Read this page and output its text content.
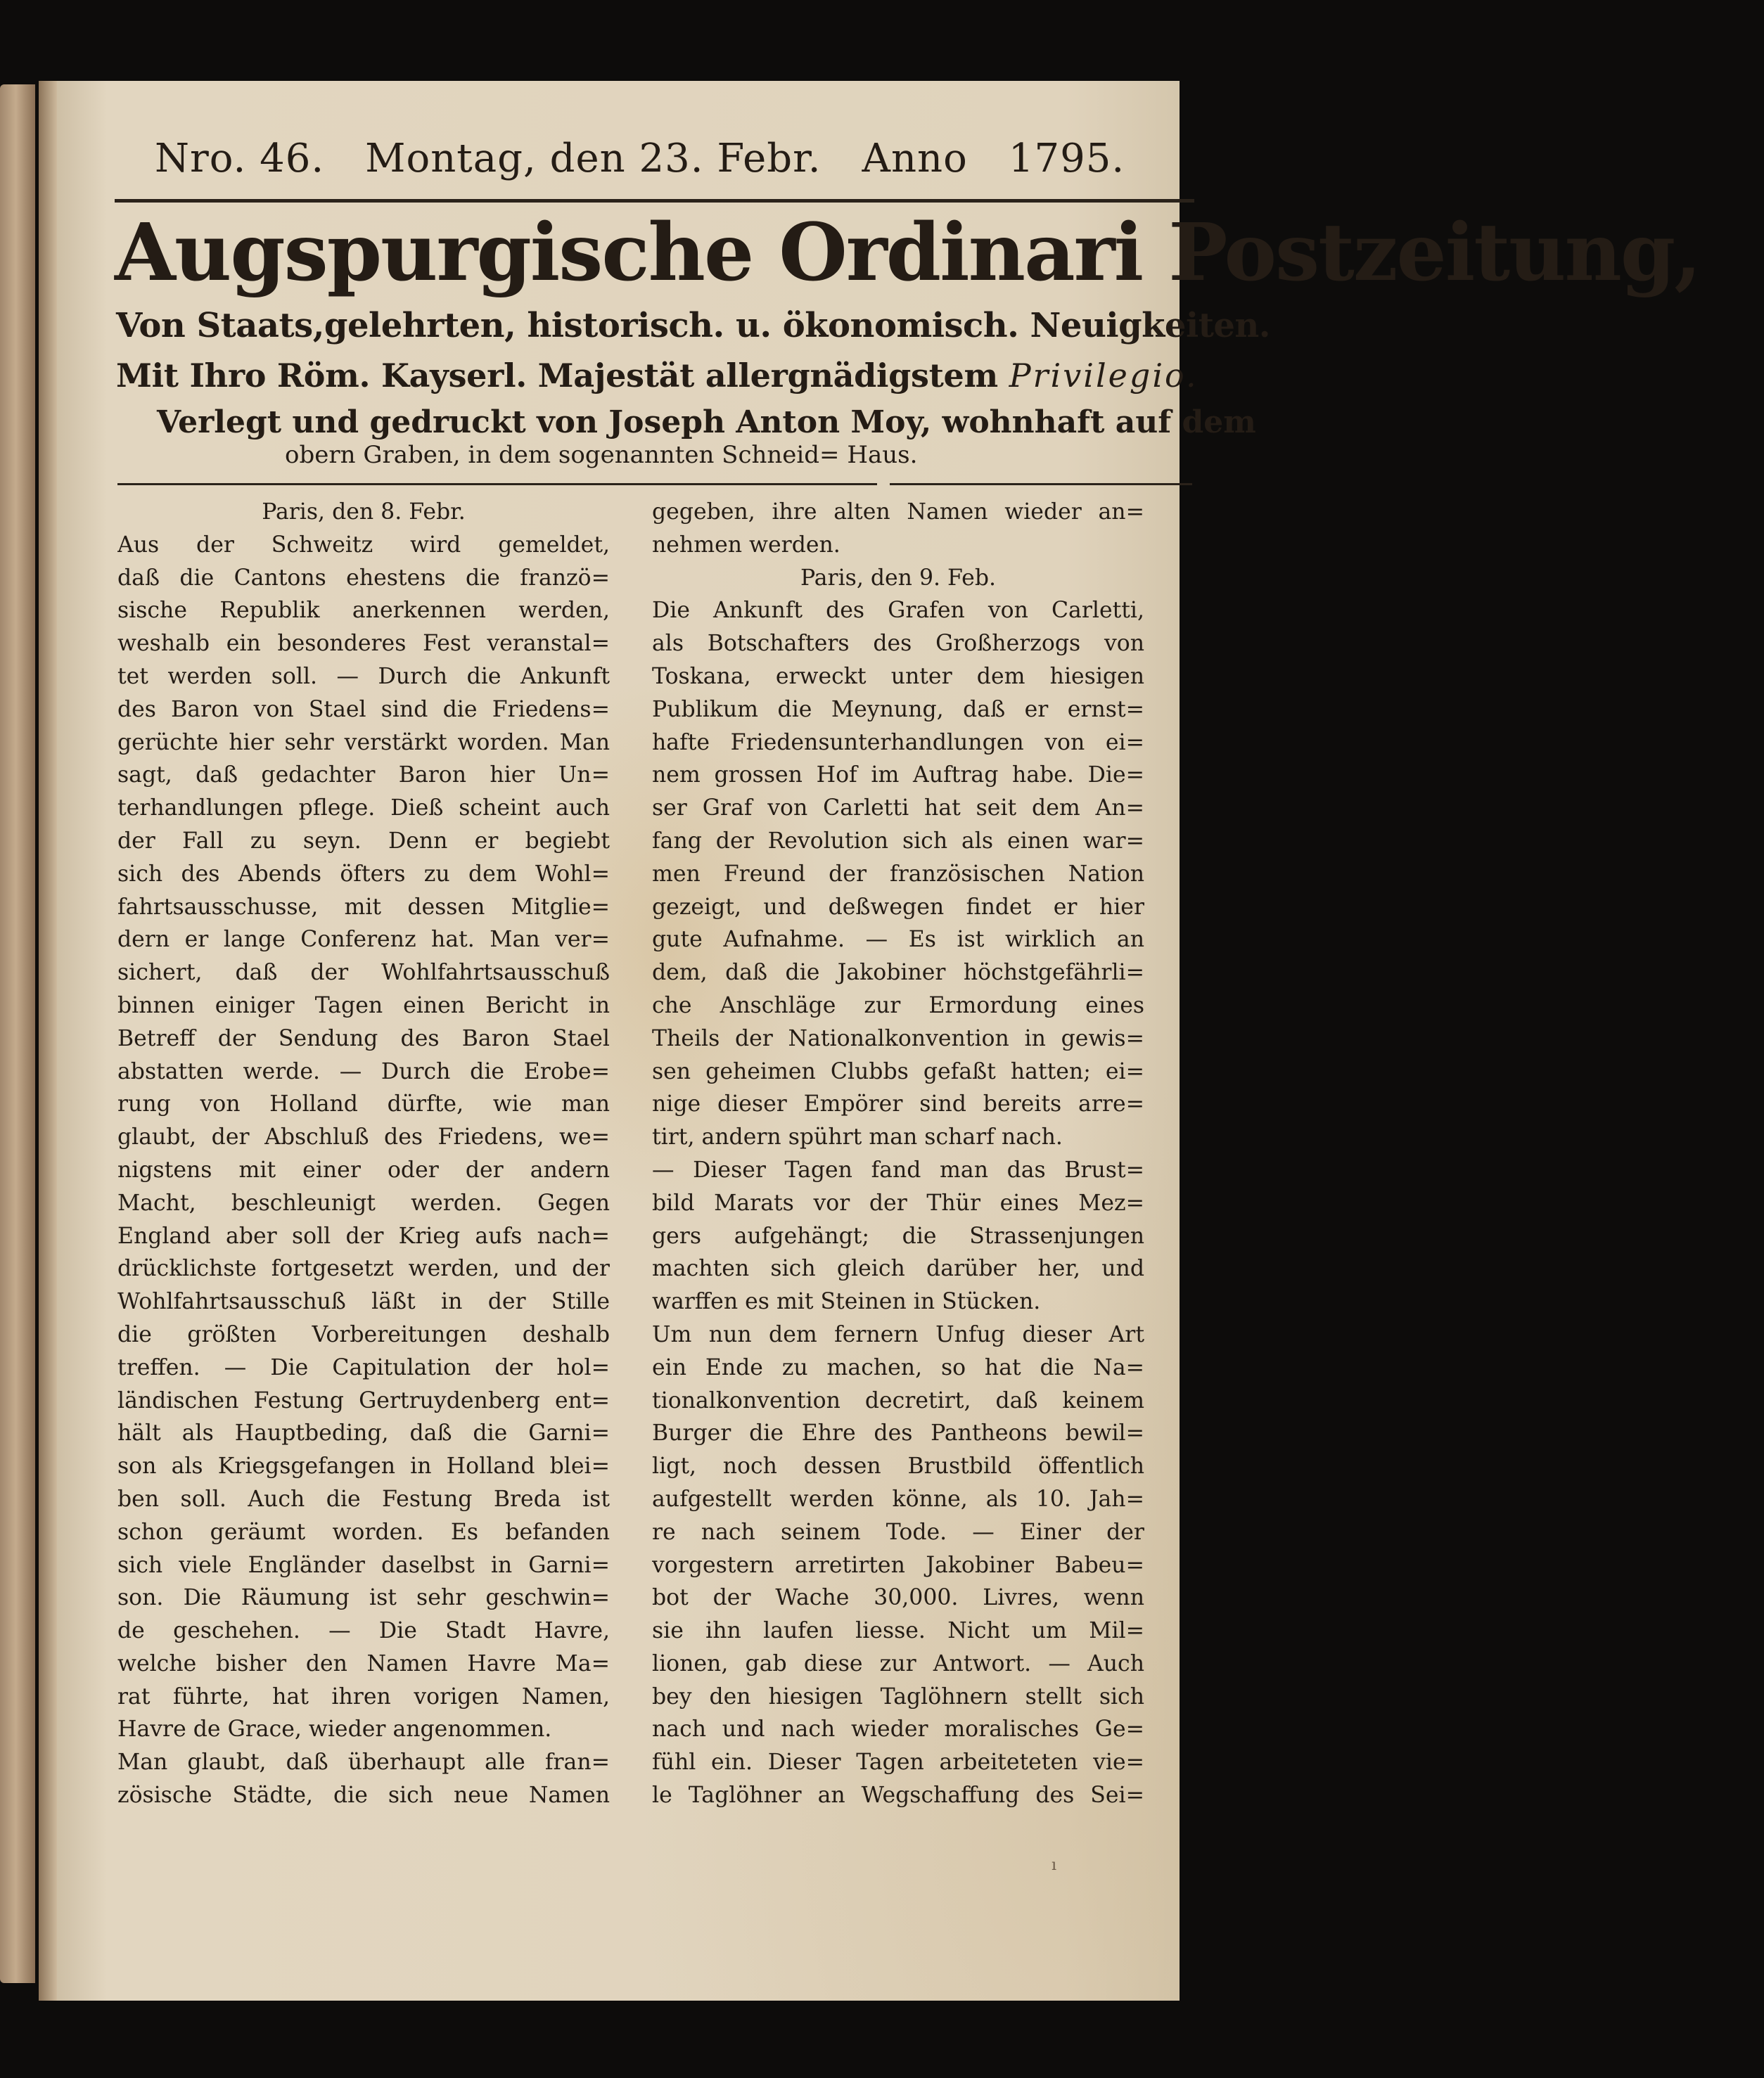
Nro. 46. Montag, den 23. Febr. Anno 1795.
Augspurgische Ordinari Postzeitung,
Von Staats,gelehrten, historisch. u. ökonomisch. Neuigkeiten.
Mit Ihro Röm. Kayserl. Majestät allergnädigstem Privilegio.
Verlegt und gedruckt von Joseph Anton Moy, wohnhaft auf dem
obern Graben, in dem sogenannten Schneid= Haus.
Paris, den 8. Febr.
Aus der Schweitz wird gemeldet,
daß die Cantons ehestens die franzö=
sische Republik anerkennen werden,
weshalb ein besonderes Fest veranstal=
tet werden soll. — Durch die Ankunft
des Baron von Stael sind die Friedens=
gerüchte hier sehr verstärkt worden. Man
sagt, daß gedachter Baron hier Un=
terhandlungen pflege. Dieß scheint auch
der Fall zu seyn. Denn er begiebt
sich des Abends öfters zu dem Wohl=
fahrtsausschusse, mit dessen Mitglie=
dern er lange Conferenz hat. Man ver=
sichert, daß der Wohlfahrtsausschuß
binnen einiger Tagen einen Bericht in
Betreff der Sendung des Baron Stael
abstatten werde. — Durch die Erobe=
rung von Holland dürfte, wie man
glaubt, der Abschluß des Friedens, we=
nigstens mit einer oder der andern
Macht, beschleunigt werden. Gegen
England aber soll der Krieg aufs nach=
drücklichste fortgesetzt werden, und der
Wohlfahrtsausschuß läßt in der Stille
die größten Vorbereitungen deshalb
treffen. — Die Capitulation der hol=
ländischen Festung Gertruydenberg ent=
hält als Hauptbeding, daß die Garni=
son als Kriegsgefangen in Holland blei=
ben soll. Auch die Festung Breda ist
schon geräumt worden. Es befanden
sich viele Engländer daselbst in Garni=
son. Die Räumung ist sehr geschwin=
de geschehen. — Die Stadt Havre,
welche bisher den Namen Havre Ma=
rat führte, hat ihren vorigen Namen,
Havre de Grace, wieder angenommen.
Man glaubt, daß überhaupt alle fran=
zösische Städte, die sich neue Namen
gegeben, ihre alten Namen wieder an=
nehmen werden.
Paris, den 9. Feb.
Die Ankunft des Grafen von Carletti,
als Botschafters des Großherzogs von
Toskana, erweckt unter dem hiesigen
Publikum die Meynung, daß er ernst=
hafte Friedensunterhandlungen von ei=
nem grossen Hof im Auftrag habe. Die=
ser Graf von Carletti hat seit dem An=
fang der Revolution sich als einen war=
men Freund der französischen Nation
gezeigt, und deßwegen findet er hier
gute Aufnahme. — Es ist wirklich an
dem, daß die Jakobiner höchstgefährli=
che Anschläge zur Ermordung eines
Theils der Nationalkonvention in gewis=
sen geheimen Clubbs gefaßt hatten; ei=
nige dieser Empörer sind bereits arre=
tirt, andern spührt man scharf nach.
— Dieser Tagen fand man das Brust=
bild Marats vor der Thür eines Mez=
gers aufgehängt; die Strassenjungen
machten sich gleich darüber her, und
warffen es mit Steinen in Stücken.
Um nun dem fernern Unfug dieser Art
ein Ende zu machen, so hat die Na=
tionalkonvention decretirt, daß keinem
Burger die Ehre des Pantheons bewil=
ligt, noch dessen Brustbild öffentlich
aufgestellt werden könne, als 10. Jah=
re nach seinem Tode. — Einer der
vorgestern arretirten Jakobiner Babeu=
bot der Wache 30,000. Livres, wenn
sie ihn laufen liesse. Nicht um Mil=
lionen, gab diese zur Antwort. — Auch
bey den hiesigen Taglöhnern stellt sich
nach und nach wieder moralisches Ge=
fühl ein. Dieser Tagen arbeiteteten vie=
le Taglöhner an Wegschaffung des Sei=
ı
